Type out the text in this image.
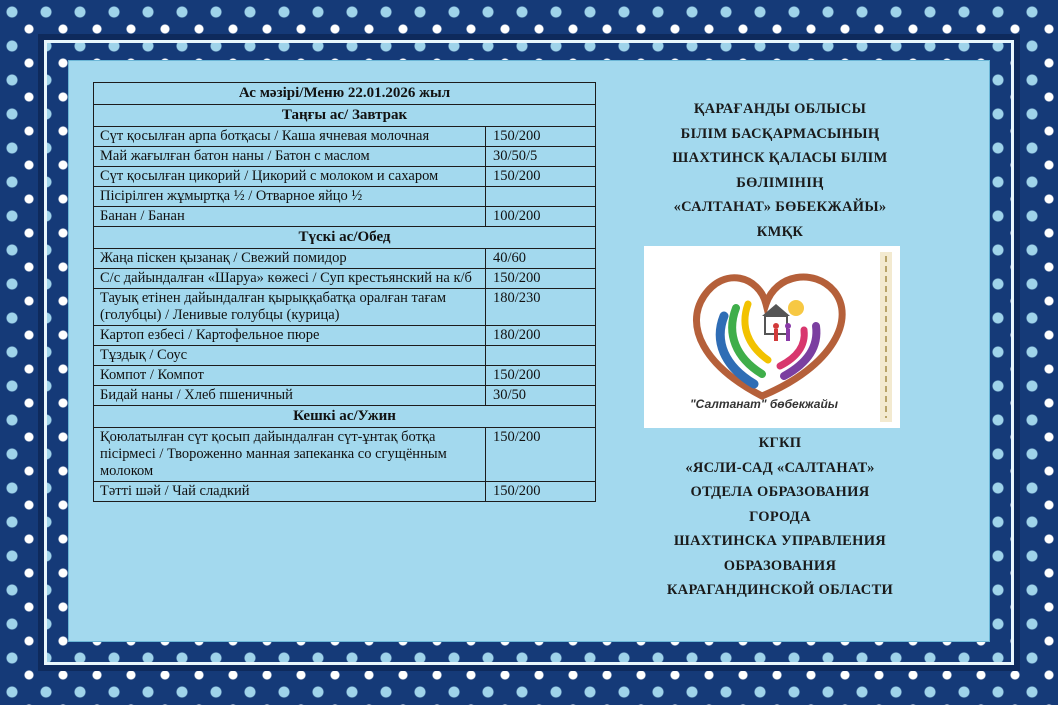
Ас мәзірі/Меню 22.01.2026 жыл	
Таңғы ас/ Завтрак	
Сүт қосылған арпа ботқасы / Каша ячневая молочная	150/200
Май жағылған батон наны / Батон с маслом	30/50/5
Сүт қосылған цикорий / Цикорий с молоком и сахаром	150/200
Пісірілген жұмыртқа ½ / Отварное яйцо ½	
Банан / Банан	100/200
Түскі ас/Обед	
Жаңа піскен қызанақ / Свежий помидор	40/60
С/с дайындалған «Шаруа» көжесі / Суп крестьянский на к/б	150/200
Тауық етінен дайындалған қырыққабатқа оралған тағам (голубцы) / Ленивые голубцы (курица)	180/230
Картоп езбесі / Картофельное пюре	180/200
Тұздық / Соус	
Компот / Компот	150/200
Бидай наны / Хлеб пшеничный	30/50
Кешкі ас/Ужин	
Қоюлатылған сүт қосып дайындалған сүт-ұнтақ ботқа пісірмесі / Твороженно манная запеканка со сгущённым молоком	150/200
Тәтті шәй / Чай сладкий	150/200
ҚАРАҒАНДЫ ОБЛЫСЫ
БІЛІМ БАСҚАРМАСЫНЫҢ
ШАХТИНСК ҚАЛАСЫ БІЛІМ
БӨЛІМІНІҢ
«САЛТАНАТ» БӨБЕКЖАЙЫ»
КМҚК
"Салтанат" бөбекжайы
КГКП
«ЯСЛИ-САД «САЛТАНАТ»
ОТДЕЛА ОБРАЗОВАНИЯ
ГОРОДА
ШАХТИНСКА УПРАВЛЕНИЯ
ОБРАЗОВАНИЯ
КАРАГАНДИНСКОЙ ОБЛАСТИ
